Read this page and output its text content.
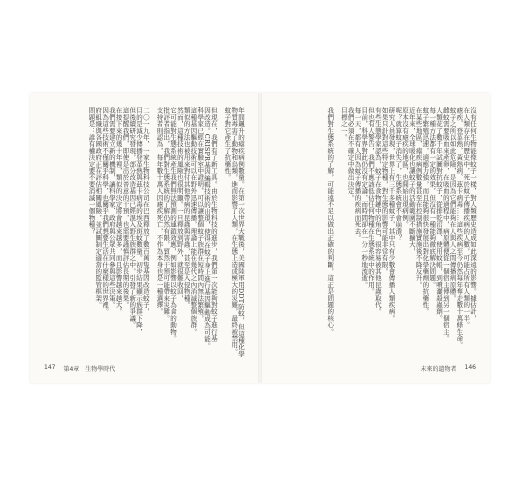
年間飆升的瘧疾病例數量。在第一次世界大戰後，美國陸軍用DDT防蚊，但這種化學
物質毒害了動物和鳥類，進而影響了人類，在生態上造成極大的災難，最終被禁用。
蚊子對它產生了抗藥性。
但現在，我們有了新工具。由於生物科技的進步，我們第一次能夠對蚊子進行基
因改造。CRISPR基因編輯技術的出現，使得在蚊子身上進行基因驅動成為可能。
科學家已經在實驗室中證明，可以讓整個蚊子族群在短時間內無法繁殖，
這種基因驅動技術可以在野外迅速傳播，理論上能在幾代之內消滅整個族群。
類似的方法也被用來對付其他帶病的昆蟲與害蟲，甚至是入侵物種。
然而，這種技術的風險也很明顯。一旦釋放到野外，就很難收回，
它可能對生態系統產生我們無法預測的連鎖效應，例如影響以蚊子為食的動物。
批評者指出，我們對生態系統的了解仍然有限，貿然干預可能帶來災難。
支持者則認為，每年數十萬人因瘧疾死亡，不作為本身也是一種選擇。
二〇一九年，一家生物科技公司在巴西釋放了數百萬隻基因改造蚊子，
目的是減少傳播登革熱與茲卡病毒的埃及斑蚊數量。初步結果顯示族群下降，
但後續研究發現，部分改造基因已經混入野生族群之中，引發了新的爭議。
這提醒我們，即使是出於善意的干預，也需要謹慎評估長期的後果。
在接下來的幾十年裡，類似的決定將會越來越多，而且影響越來越大。
我們需要建立新的機制，讓科學家、政府與公眾共同參與這些決策。
因為這些技術不僅關乎科學，也關乎我們想要生活在什麼樣的世界裡。
府組織與各國政府正在評估相關風險，並試圖制定適當的監管框架。
問題是：誰有權決定要不要消滅一個物種？
147 第4章　生物學時代
沒有任何生物能像蚊子一樣，對人類歷史造成如此深遠的影響。據估計，
在人類存在的歷史中，死於蚊子傳播疾病的人數，可能占所有人類的一半。
瘧疾、登革熱、黃熱病、茲卡病毒……這些疾病至今仍然每年奪走數十萬條生命。
蚊子之所以如此危險，是因為它們能夠在人與人之間傳播病原體。
雌蚊需要吸血來產卵，在吸血的過程中，病原體便從一個宿主傳到另一個宿主。
人類花了數千年試圖對抗蚊子，從排乾沼澤、使用蚊帳，到噴灑殺蟲劑。
每一種方法都有一定的效果，但沒有一種能夠徹底解決問題。
蚊子繁殖迅速，適應力強，而且能夠很快發展出對化學藥劑的抗藥性。
在某些地區，瘧疾病例數量甚至在控制措施實施後不降反升。
近年來，全球暖化也讓蚊子的活動範圍不斷擴大，
原本沒有瘧疾的地區，也開始出現病例。
呢？就算蚊子消失了，生態系統會不會崩潰？
研究人員發現，世界上有三千多種蚊子，其中只有少數會傳播人類疾病。
如果只針對這些特定物種，對生態的影響可能非常有限。
有些生態學家認為，蚊子在食物鏈中的角色，很容易被其他昆蟲取代。
但也有人警告，我們不應該低估任何物種在生態系統中的作用。
目前，科學界對此仍沒有定論，而時間卻在一分一秒地流逝。
每一天，都有人因為蚊子傳播的疾病而死去。
我們必須在不確定中做出決定。
目標之一。
我們對生態系統的了解，可能遠不足以做出正確的判斷，這正是問題的核心。
未來的遺物者 146
